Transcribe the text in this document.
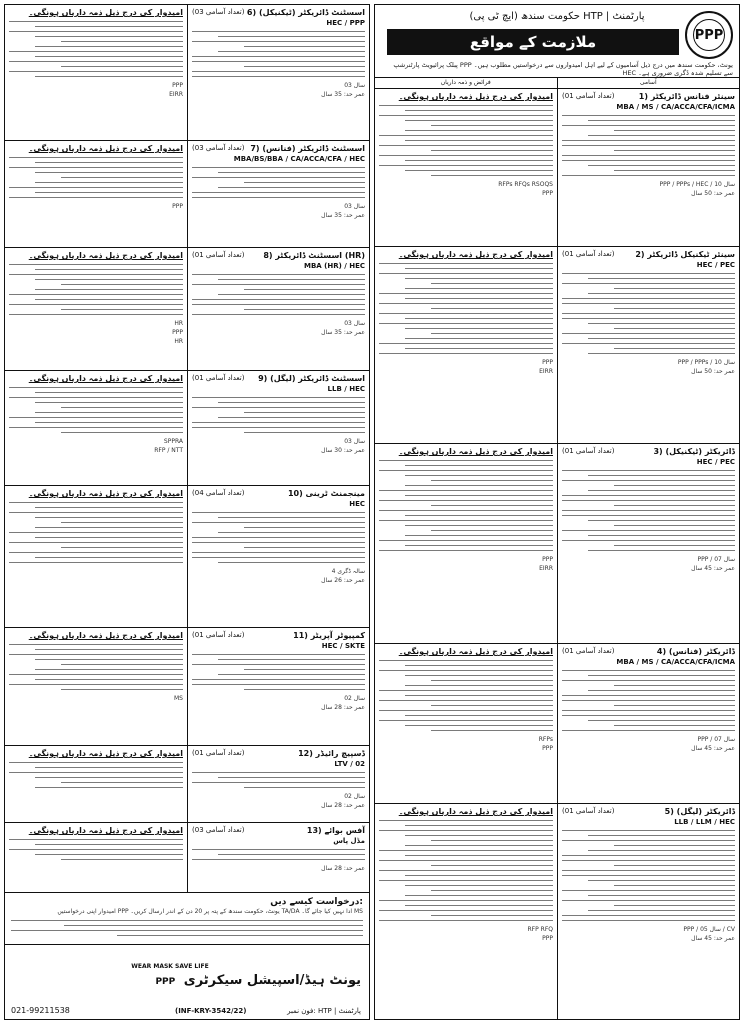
PPP
حکومت سندھ (ایچ ٹی پی) HTP | پارٹمنٹ
ملازمت کے مواقع
پبلک پرائیویٹ پارٹنرشپ PPP یونٹ، حکومت سندھ میں درج ذیل آسامیوں کے لیے اہل امیدواروں سے درخواستیں مطلوب ہیں۔ HEC سے تسلیم شدہ ڈگری ضروری ہے۔
فرائض و ذمہ داریاں	آسامی
1) سینئر فنانس ڈائریکٹر
(تعداد آسامی 01)
MBA / MS / CA/ACCA/CFA/ICMA
PPP / PPPs / HEC / 10 سال
عمر حد: 50 سال
امیدوار کی درج ذیل ذمہ داریاں ہونگی۔
RFPs RFQs RSOQS
PPP
2) سینئر ٹیکنیکل ڈائریکٹر
(تعداد آسامی 01)
HEC / PEC
PPP / PPPs / 10 سال
عمر حد: 50 سال
امیدوار کی درج ذیل ذمہ داریاں ہونگی۔
PPP
EIRR
3) ڈائریکٹر (ٹیکنیکل)
(تعداد آسامی 01)
HEC / PEC
PPP / 07 سال
عمر حد: 45 سال
امیدوار کی درج ذیل ذمہ داریاں ہونگی۔
PPP
EIRR
4) ڈائریکٹر (فنانس)
(تعداد آسامی 01)
MBA / MS / CA/ACCA/CFA/ICMA
PPP / 07 سال
عمر حد: 45 سال
امیدوار کی درج ذیل ذمہ داریاں ہونگی۔
RFPs
PPP
5) ڈائریکٹر (لیگل)
(تعداد آسامی 01)
LLB / LLM / HEC
PPP / 05 سال / CV
عمر حد: 45 سال
امیدوار کی درج ذیل ذمہ داریاں ہونگی۔
RFP RFQ
PPP
6) اسسٹنٹ ڈائریکٹر (ٹیکنیکل)
(تعداد آسامی 03)
HEC / PPP
03 سال
عمر حد: 35 سال
امیدوار کی درج ذیل ذمہ داریاں ہونگی۔
PPP
EIRR
7) اسسٹنٹ ڈائریکٹر (فنانس)
(تعداد آسامی 03)
MBA/BS/BBA / CA/ACCA/CFA / HEC
03 سال
عمر حد: 35 سال
امیدوار کی درج ذیل ذمہ داریاں ہونگی۔
PPP
8) اسسٹنٹ ڈائریکٹر (HR)
(تعداد آسامی 01)
MBA (HR) / HEC
03 سال
عمر حد: 35 سال
امیدوار کی درج ذیل ذمہ داریاں ہونگی۔
HR
PPP
HR
9) اسسٹنٹ ڈائریکٹر (لیگل)
(تعداد آسامی 01)
LLB / HEC
03 سال
عمر حد: 30 سال
امیدوار کی درج ذیل ذمہ داریاں ہونگی۔
SPPRA
RFP / NTT
10) مینجمنٹ ٹرینی
(تعداد آسامی 04)
HEC
4 سالہ ڈگری
عمر حد: 26 سال
امیدوار کی درج ذیل ذمہ داریاں ہونگی۔
11) کمپیوٹر آپریٹر
(تعداد آسامی 01)
HEC / SKTE
02 سال
عمر حد: 28 سال
امیدوار کی درج ذیل ذمہ داریاں ہونگی۔
MS
12) ڈسپیچ رائیڈر
(تعداد آسامی 01)
LTV / 02
02 سال
عمر حد: 28 سال
امیدوار کی درج ذیل ذمہ داریاں ہونگی۔
13) آفس بوائے
(تعداد آسامی 03)
مڈل پاس
عمر حد: 28 سال
امیدوار کی درج ذیل ذمہ داریاں ہونگی۔
درخواست کیسے دیں:
امیدوار اپنی درخواستیں PPP یونٹ، حکومت سندھ کے پتہ پر 20 دن کے اندر ارسال کریں۔ TA/DA ادا نہیں کیا جائے گا۔ MS
WEAR MASK SAVE LIFE
PPP یونٹ ہیڈ/اسپیشل سیکرٹری
021-99211538	(INF-KRY-3542/22)	فون نمبر: HTP | پارٹمنٹ
